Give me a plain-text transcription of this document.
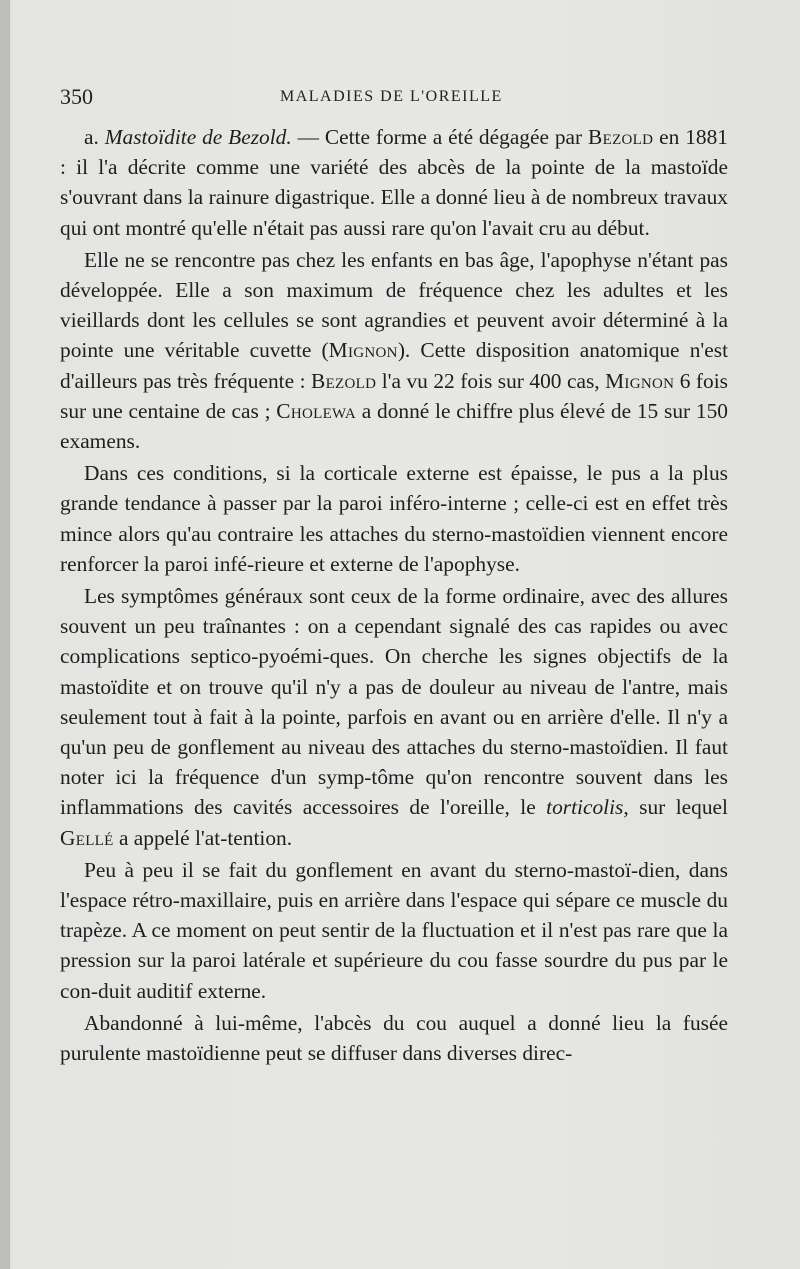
350	MALADIES DE L'OREILLE

a. Mastoïdite de Bezold. — Cette forme a été dégagée par Bezold en 1881 : il l'a décrite comme une variété des abcès de la pointe de la mastoïde s'ouvrant dans la rainure digastrique. Elle a donné lieu à de nombreux travaux qui ont montré qu'elle n'était pas aussi rare qu'on l'avait cru au début.

Elle ne se rencontre pas chez les enfants en bas âge, l'apophyse n'étant pas développée. Elle a son maximum de fréquence chez les adultes et les vieillards dont les cellules se sont agrandies et peuvent avoir déterminé à la pointe une véritable cuvette (Mignon). Cette disposition anatomique n'est d'ailleurs pas très fréquente : Bezold l'a vu 22 fois sur 400 cas, Mignon 6 fois sur une centaine de cas ; Cholewa a donné le chiffre plus élevé de 15 sur 150 examens.

Dans ces conditions, si la corticale externe est épaisse, le pus a la plus grande tendance à passer par la paroi inféro-interne ; celle-ci est en effet très mince alors qu'au contraire les attaches du sterno-mastoïdien viennent encore renforcer la paroi infé-rieure et externe de l'apophyse.

Les symptômes généraux sont ceux de la forme ordinaire, avec des allures souvent un peu traînantes : on a cependant signalé des cas rapides ou avec complications septico-pyoémi-ques. On cherche les signes objectifs de la mastoïdite et on trouve qu'il n'y a pas de douleur au niveau de l'antre, mais seulement tout à fait à la pointe, parfois en avant ou en arrière d'elle. Il n'y a qu'un peu de gonflement au niveau des attaches du sterno-mastoïdien. Il faut noter ici la fréquence d'un symp-tôme qu'on rencontre souvent dans les inflammations des cavités accessoires de l'oreille, le torticolis, sur lequel Gellé a appelé l'at-tention.

Peu à peu il se fait du gonflement en avant du sterno-mastoï-dien, dans l'espace rétro-maxillaire, puis en arrière dans l'espace qui sépare ce muscle du trapèze. A ce moment on peut sentir de la fluctuation et il n'est pas rare que la pression sur la paroi latérale et supérieure du cou fasse sourdre du pus par le con-duit auditif externe.

Abandonné à lui-même, l'abcès du cou auquel a donné lieu la fusée purulente mastoïdienne peut se diffuser dans diverses direc-
